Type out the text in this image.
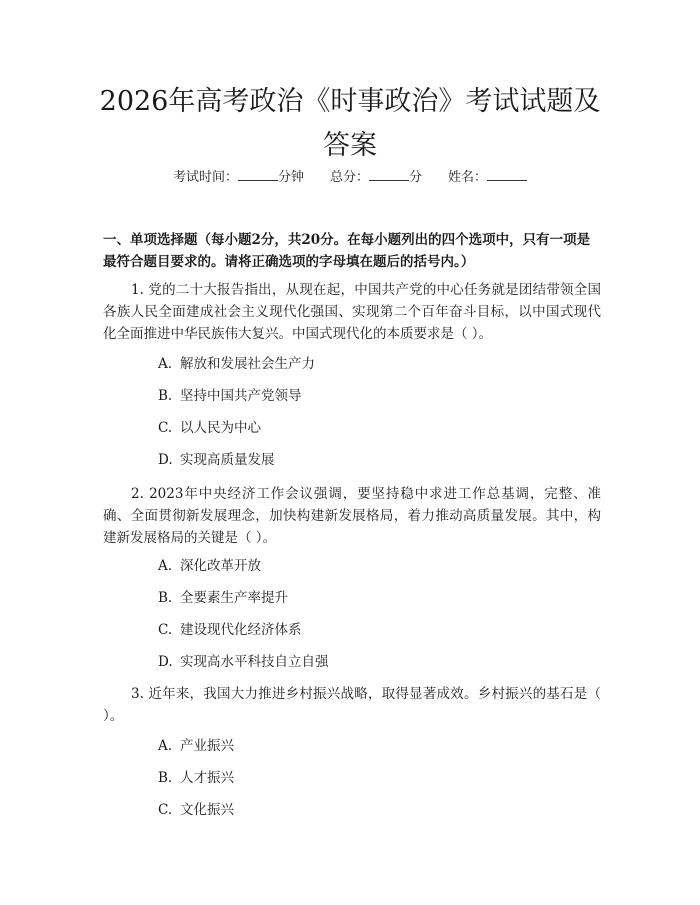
2026年高考政治《时事政治》考试试题及答案
考试时间：	分钟 总分：	分 姓名：

一、单项选择题（每小题2分，共20分。在每小题列出的四个选项中，只有一项是最符合题目要求的。请将正确选项的字母填在题后的括号内。）

1. 党的二十大报告指出，从现在起，中国共产党的中心任务就是团结带领全国各族人民全面建成社会主义现代化强国、实现第二个百年奋斗目标，以中国式现代化全面推进中华民族伟大复兴。中国式现代化的本质要求是（ ）。

A. 解放和发展社会生产力

B. 坚持中国共产党领导

C. 以人民为中心

D. 实现高质量发展

2. 2023年中央经济工作会议强调，要坚持稳中求进工作总基调，完整、准确、全面贯彻新发展理念，加快构建新发展格局，着力推动高质量发展。其中，构建新发展格局的关键是（ ）。

A. 深化改革开放

B. 全要素生产率提升

C. 建设现代化经济体系

D. 实现高水平科技自立自强

3. 近年来，我国大力推进乡村振兴战略，取得显著成效。乡村振兴的基石是（ ）。

A. 产业振兴

B. 人才振兴

C. 文化振兴
